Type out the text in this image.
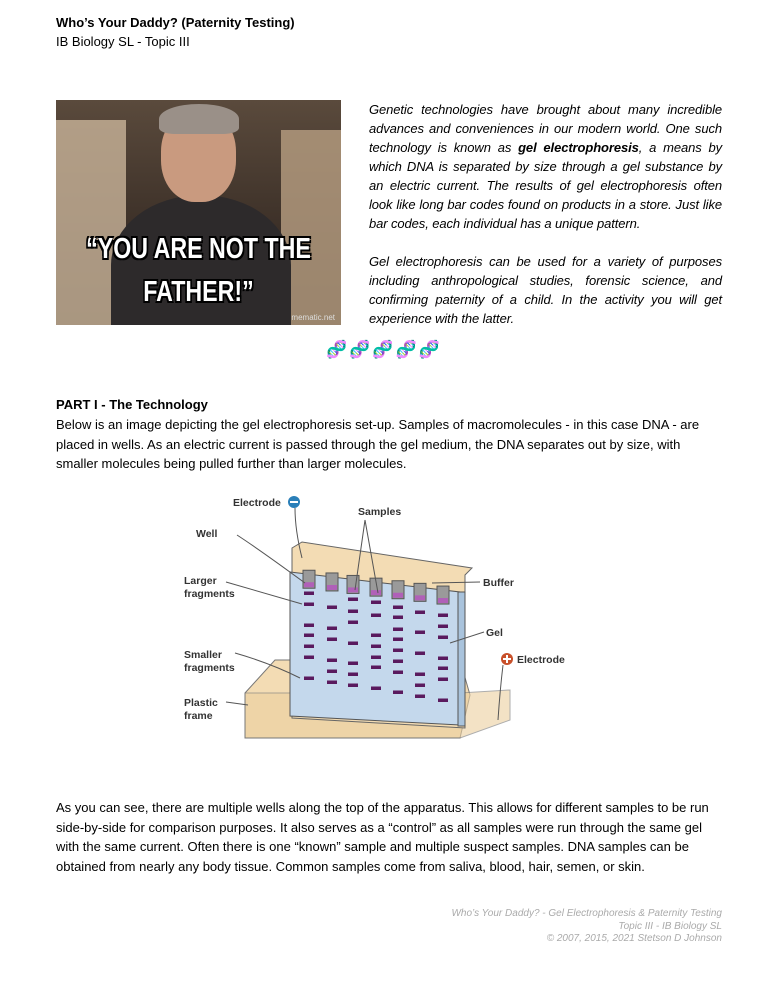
Who’s Your Daddy? (Paternity Testing)
IB Biology SL - Topic III
“YOU ARE NOT THE
FATHER!”
mematic.net

Genetic technologies have brought about many incredible advances and conveniences in our modern world. One such technology is known as gel electrophoresis, a means by which DNA is separated by size through a gel substance by an electric current. The results of gel electrophoresis often look like long bar codes found on products in a store. Just like bar codes, each individual has a unique pattern.

Gel electrophoresis can be used for a variety of purposes including anthropological studies, forensic science, and confirming paternity of a child. In the activity you will get experience with the latter.

🧬🧬🧬🧬🧬
PART I - The Technology
Below is an image depicting the gel electrophoresis set-up. Samples of macromolecules - in this case DNA - are placed in wells. As an electric current is passed through the gel medium, the DNA separates out by size, with smaller molecules being pulled further than larger molecules.
Electrode
Samples
Well
Larger
fragments
Smaller
fragments
Plastic
frame
Buffer
Gel
Electrode
As you can see, there are multiple wells along the top of the apparatus. This allows for different samples to be run side-by-side for comparison purposes. It also serves as a “control” as all samples were run through the same gel with the same current. Often there is one “known” sample and multiple suspect samples. DNA samples can be obtained from nearly any body tissue. Common samples come from saliva, blood, hair, semen, or skin.
Who’s Your Daddy? - Gel Electrophoresis & Paternity Testing
Topic III - IB Biology SL
© 2007, 2015, 2021 Stetson D Johnson
